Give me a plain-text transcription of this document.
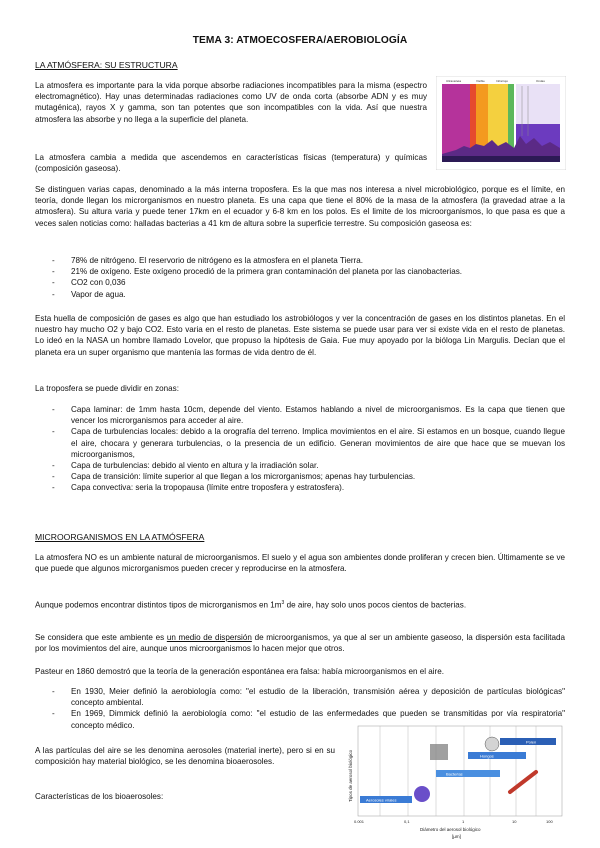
TEMA 3: ATMOECOSFERA/AEROBIOLOGÍA
LA ATMÓSFERA: SU ESTRUCTURA

La atmosfera es importante para la vida porque absorbe radiaciones incompatibles para la misma (espectro electromagnético). Hay unas determinadas radiaciones como UV de onda corta (absorbe ADN y es muy mutagénica), rayos X y gamma, son tan potentes que son incompatibles con la vida. Así que nuestra atmosfera las absorbe y no llega a la superficie del planeta.

La atmosfera cambia a medida que ascendemos en características físicas (temperatura) y químicas (composición gaseosa).

Ultravioleta	Visible	Infrarrojo	Ondas

Se distinguen varias capas, denominado a la más interna troposfera. Es la que mas nos interesa a nivel microbiológico, porque es el límite, en teoría, donde llegan los microrganismos en nuestro planeta. Es una capa que tiene el 80% de la masa de la atmosfera (la gravedad atrae a la atmosfera). Su altura varia y puede tener 17km en el ecuador y 6-8 km en los polos. Es el limite de los microorganismos, lo que pasa es que a veces salen noticias como: halladas bacterias a 41 km de altura sobre la superficie terrestre. Su composición gaseosa es:

- 78% de nitrógeno. El reservorio de nitrógeno es la atmosfera en el planeta Tierra.
- 21% de oxígeno. Este oxígeno procedió de la primera gran contaminación del planeta por las cianobacterias.
- CO2 con 0,036
- Vapor de agua.

Esta huella de composición de gases es algo que han estudiado los astrobiólogos y ver la concentración de gases en los distintos planetas. En el nuestro hay mucho O2 y bajo CO2. Esto varia en el resto de planetas. Este sistema se puede usar para ver si existe vida en el resto de planetas. Lo ideó en la NASA un hombre llamado Lovelor, que propuso la hipótesis de Gaia. Fue muy apoyado por la bióloga Lin Margulis. Decían que el planeta era un super organismo que mantenía las formas de vida dentro de él.

La troposfera se puede dividir en zonas:

- Capa laminar: de 1mm hasta 10cm, depende del viento. Estamos hablando a nivel de microorganismos. Es la capa que tienen que vencer los microrganismos para acceder al aire.
- Capa de turbulencias locales: debido a la orografía del terreno. Implica movimientos en el aire. Si estamos en un bosque, cuando llegue el aire, chocara y generara turbulencias, o la presencia de un edificio. Generan movimientos de aire que hace que se muevan los microorganismos,
- Capa de turbulencias: debido al viento en altura y la irradiación solar.
- Capa de transición: límite superior al que llegan a los microrganismos; apenas hay turbulencias.
- Capa convectiva: seria la tropopausa (límite entre troposfera y estratosfera).
MICROORGANISMOS EN LA ATMÓSFERA

La atmosfera NO es un ambiente natural de microorganismos. El suelo y el agua son ambientes donde proliferan y crecen bien. Últimamente se ve que puede que algunos microrganismos pueden crecer y reproducirse en la atmosfera.

Aunque podemos encontrar distintos tipos de microrganismos en $1m^3$ de aire, hay solo unos pocos cientos de bacterias.

Se considera que este ambiente es un medio de dispersión de microorganismos, ya que al ser un ambiente gaseoso, la dispersión esta facilitada por los movimientos del aire, aunque unos microorganismos lo hacen mejor que otros.

Pasteur en 1860 demostró que la teoría de la generación espontánea era falsa: había microorganismos en el aire.

- En 1930, Meier definió la aerobiología como: "el estudio de la liberación, transmisión aérea y deposición de partículas biológicas" concepto ambiental.
- En 1969, Dimmick definió la aerobiología como: "el estudio de las enfermedades que pueden se transmitidas por vía respiratoria" concepto médico.

A las partículas del aire se les denomina aerosoles (material inerte), pero si en su composición hay material biológico, se les denomina bioaerosoles.

Características de los bioaerosoles:

Polen
Hongos
Bacterias
Aerosoles virales
Tipos de aerosol biológico
0.001	0,1	1	10	100
Diámetro del aerosol biológico
[µm]
